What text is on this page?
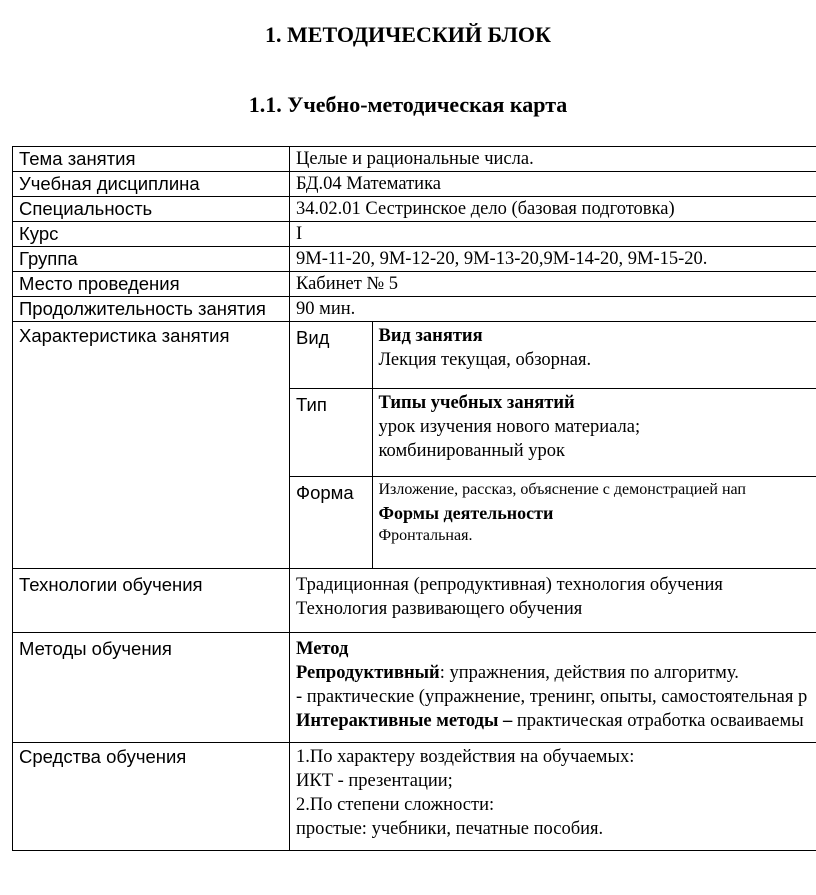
1. МЕТОДИЧЕСКИЙ БЛОК
1.1. Учебно-методическая карта
Тема занятия	Целые и рациональные числа.
Учебная дисциплина	БД.04 Математика
Специальность	34.02.01 Сестринское дело (базовая подготовка)
Курс	I
Группа	9М-11-20, 9М-12-20, 9М-13-20,9М-14-20, 9М-15-20.
Место проведения	Кабинет № 5
Продолжительность занятия	90 мин.
Характеристика занятия		Вид	Вид занятия
Лекция текущая, обзорная.

Тип	Типы учебных занятий
урок изучения нового материала;
комбинированный урок

Форма	Изложение, рассказ, объяснение с демонстрацией нап
Формы деятельности
Фронтальная.

Технологии обучения	Традиционная (репродуктивная) технология обучения
Технология развивающего обучения

Методы обучения	Метод
Репродуктивный: упражнения, действия по алгоритму.
- практические (упражнение, тренинг, опыты, самостоятельная р
Интерактивные методы – практическая отработка осваиваемы

Средства обучения	1.По характеру воздействия на обучаемых:
ИКТ - презентации;
2.По степени сложности:
простые: учебники, печатные пособия.
